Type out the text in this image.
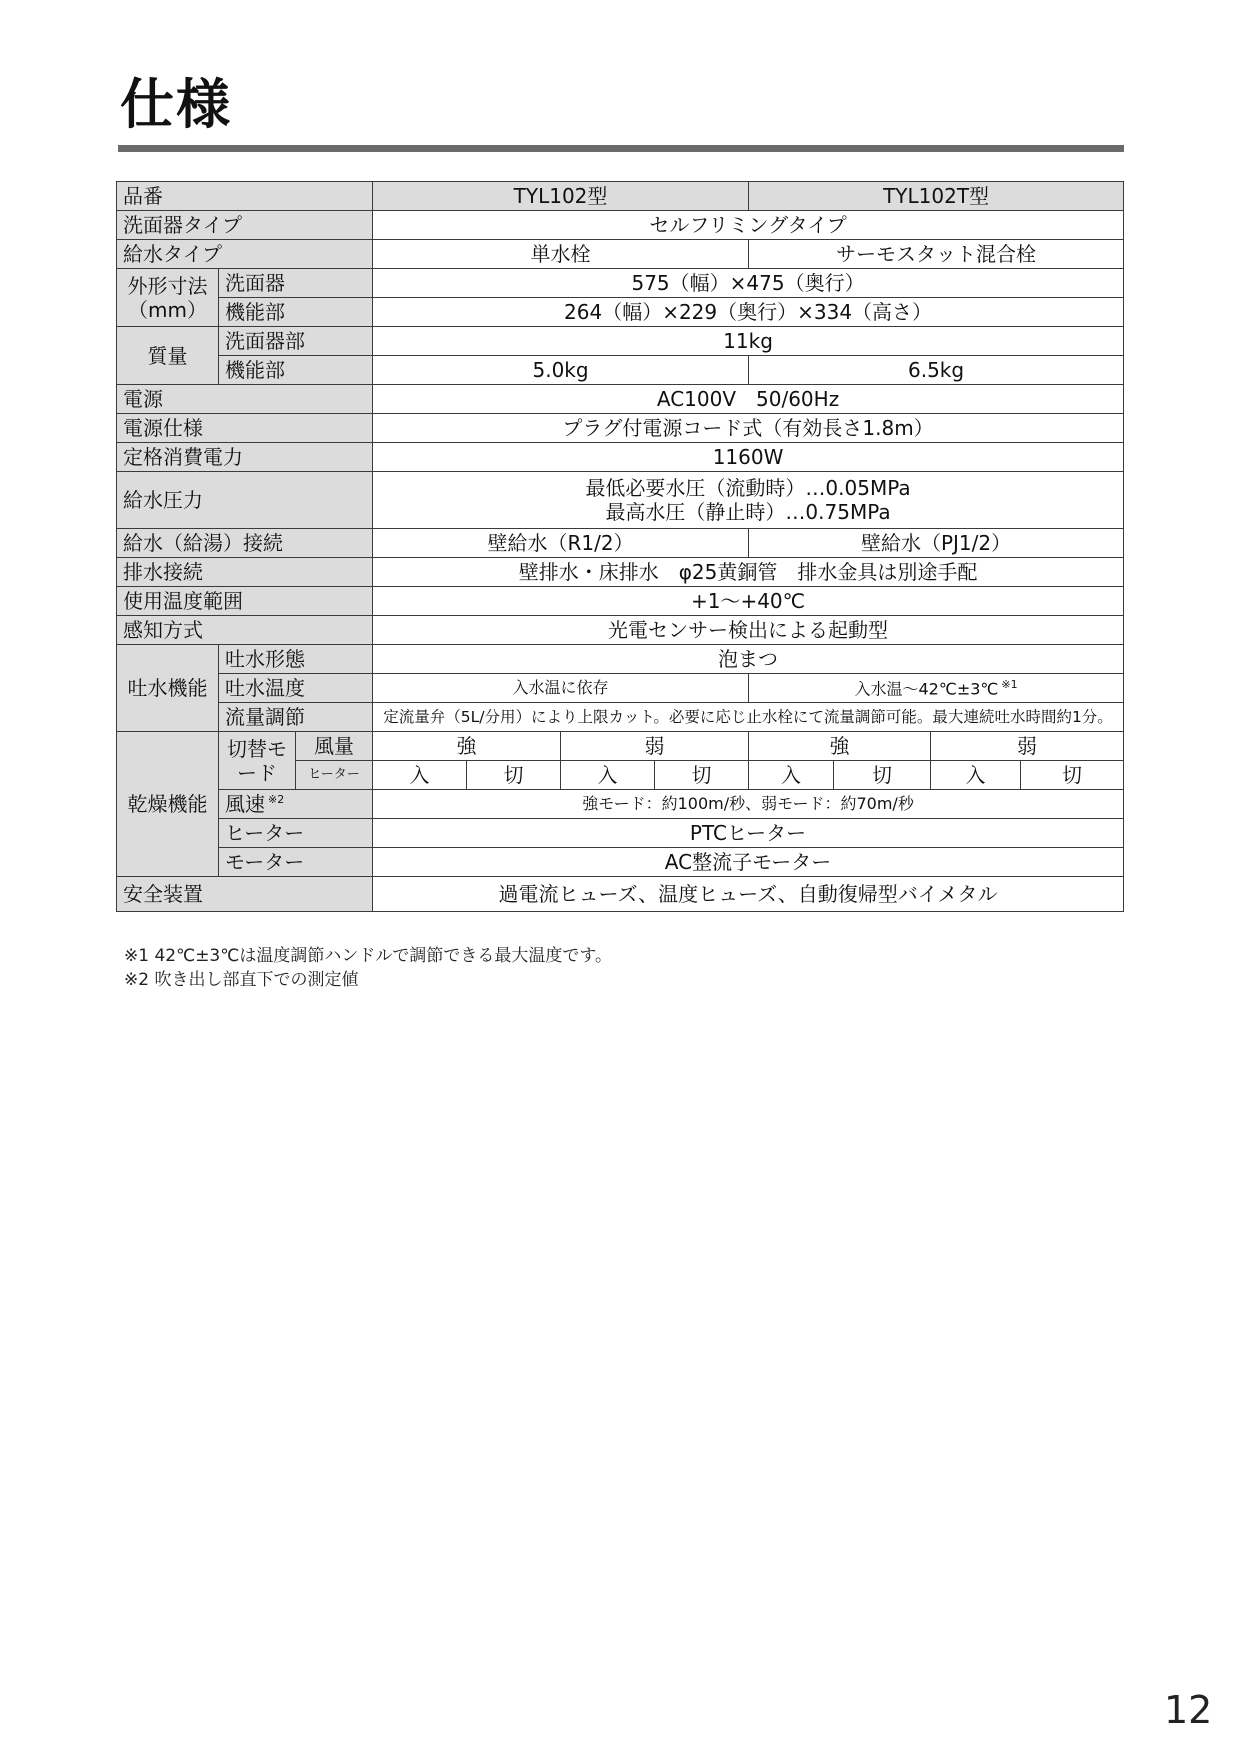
仕様
品番			TYL102型				TYL102T型			
洗面器タイプ			セルフリミングタイプ							
給水タイプ			単水栓				サーモスタット混合栓			

外形寸法
（mm）	洗面器		575（幅）×475（奥行）							
	機能部		264（幅）×229（奥行）×334（高さ）							
質量	洗面器部		11kg							
	機能部		5.0kg				6.5kg			
電源			AC100V　50/60Hz							
電源仕様			プラグ付電源コード式（有効長さ1.8m）							
定格消費電力			1160W							
給水圧力			最低必要水圧（流動時）…0.05MPa
最高水圧（静止時）…0.75MPa							

給水（給湯）接続			壁給水（R1/2）				壁給水（PJ1/2）			
排水接続			壁排水・床排水　φ25黄銅管　排水金具は別途手配							
使用温度範囲			+1～+40℃							
感知方式			光電センサー検出による起動型							
吐水機能	吐水形態		泡まつ							
	吐水温度		入水温に依存				入水温～42℃±3℃ $^{※1}$
	流量調節		定流量弁（5L/分用）により上限カット。必要に応じ止水栓にて流量調節可能。最大連続吐水時間約1分。							
乾燥機能	切替モード	風量	強		弱		強		弱	
		ヒーター	入	切	入	切	入	切	入	切
	風速 $^{※2}$		強モード：約100m/秒、弱モード：約70m/秒							
	ヒーター		PTCヒーター							
	モーター		AC整流子モーター							
安全装置			過電流ヒューズ、温度ヒューズ、自動復帰型バイメタル							
※1 42℃±3℃は温度調節ハンドルで調節できる最大温度です。
※2 吹き出し部直下での測定値
12
